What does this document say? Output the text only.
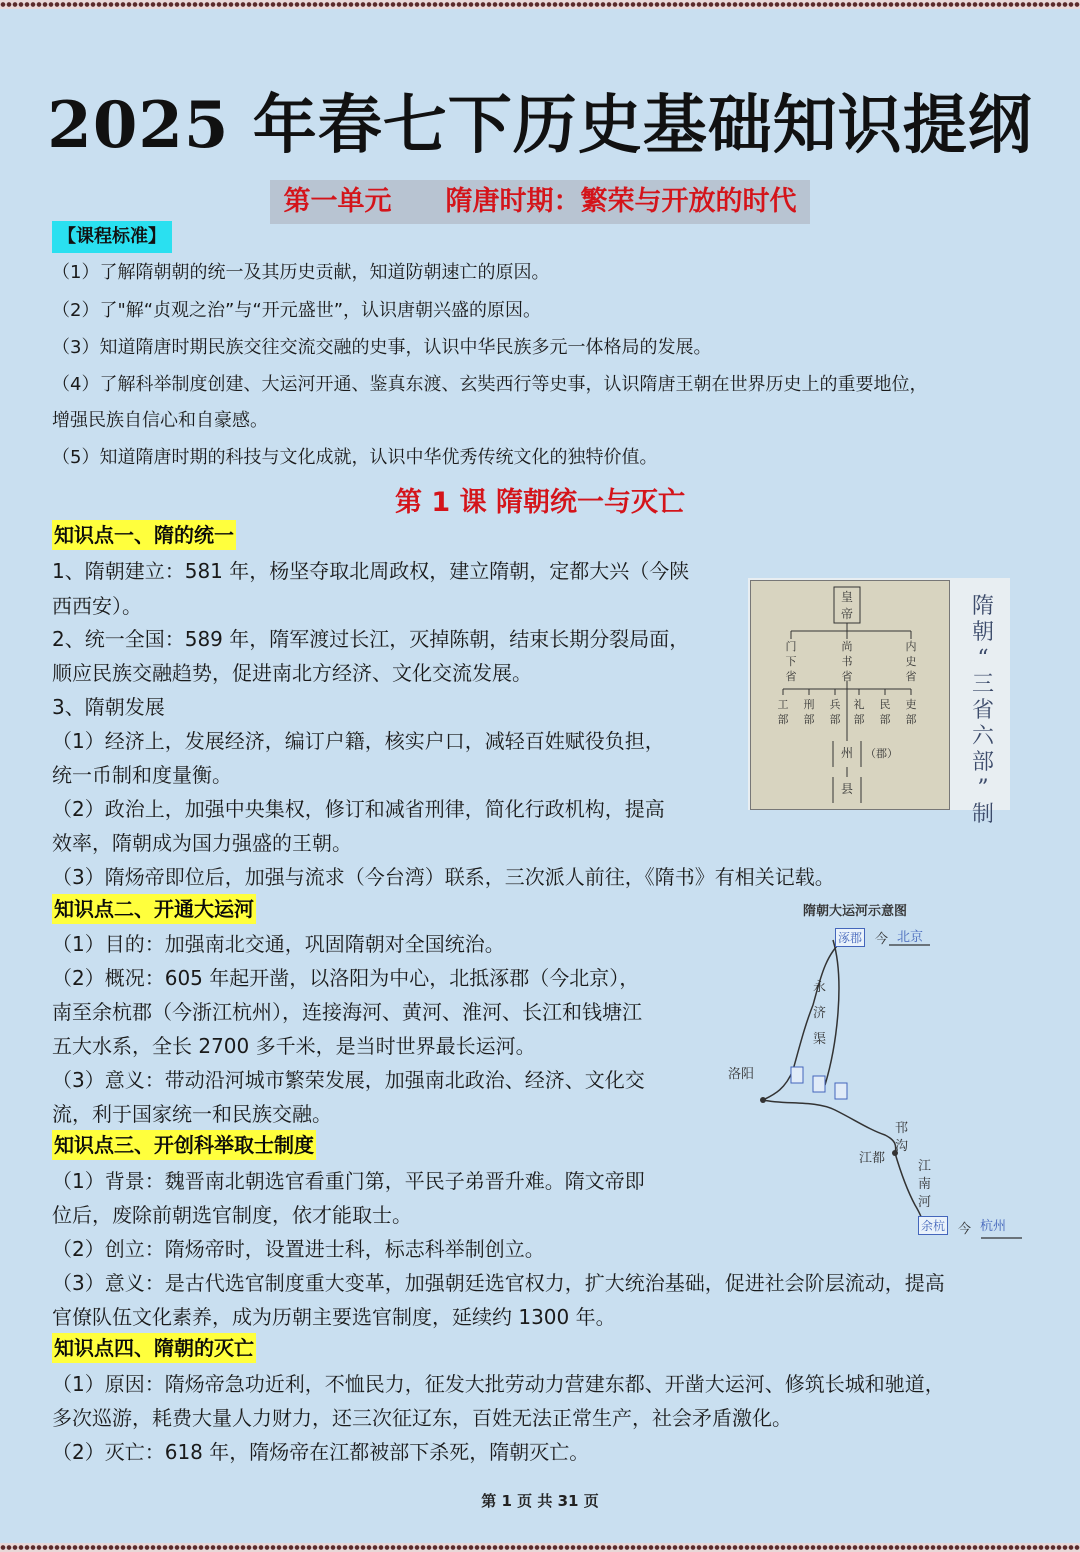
2025 年春七下历史基础知识提纲
第一单元　　隋唐时期：繁荣与开放的时代
【课程标准】
（1）了解隋朝朝的统一及其历史贡献，知道防朝速亡的原因。
（2）了"解“贞观之治”与“开元盛世”，认识唐朝兴盛的原因。
（3）知道隋唐时期民族交往交流交融的史事，认识中华民族多元一体格局的发展。
（4）了解科举制度创建、大运河开通、鉴真东渡、玄奘西行等史事，认识隋唐王朝在世界历史上的重要地位，
增强民族自信心和自豪感。
（5）知道隋唐时期的科技与文化成就，认识中华优秀传统文化的独特价值。
第 1 课 隋朝统一与灭亡
知识点一、隋的统一
1、隋朝建立：581 年，杨坚夺取北周政权，建立隋朝，定都大兴（今陕
西西安）。
2、统一全国：589 年，隋军渡过长江，灭掉陈朝，结束长期分裂局面，
顺应民族交融趋势，促进南北方经济、文化交流发展。
3、隋朝发展
（1）经济上，发展经济，编订户籍，核实户口，减轻百姓赋役负担，
统一币制和度量衡。
（2）政治上，加强中央集权，修订和减省刑律，简化行政机构，提高
效率，隋朝成为国力强盛的王朝。
（3）隋炀帝即位后，加强与流求（今台湾）联系，三次派人前往，《隋书》有相关记载。
知识点二、开通大运河
（1）目的：加强南北交通，巩固隋朝对全国统治。
（2）概况：605 年起开凿，以洛阳为中心，北抵涿郡（今北京），
南至余杭郡（今浙江杭州），连接海河、黄河、淮河、长江和钱塘江
五大水系，全长 2700 多千米，是当时世界最长运河。
（3）意义：带动沿河城市繁荣发展，加强南北政治、经济、文化交
流，利于国家统一和民族交融。
知识点三、开创科举取士制度
（1）背景：魏晋南北朝选官看重门第，平民子弟晋升难。隋文帝即
位后，废除前朝选官制度，依才能取士。
（2）创立：隋炀帝时，设置进士科，标志科举制创立。
（3）意义：是古代选官制度重大变革，加强朝廷选官权力，扩大统治基础，促进社会阶层流动，提高
官僚队伍文化素养，成为历朝主要选官制度，延续约 1300 年。
知识点四、隋朝的灭亡
（1）原因：隋炀帝急功近利，不恤民力，征发大批劳动力营建东都、开凿大运河、修筑长城和驰道，
多次巡游，耗费大量人力财力，还三次征辽东，百姓无法正常生产，社会矛盾激化。
（2）灭亡：618 年，隋炀帝在江都被部下杀死，隋朝灭亡。
皇帝
门下省
尚书省
内史省
工部
刑部
兵部
礼部
民部
吏部
州 （郡）
县
隋
朝
“
三
省
六
部
”
制
隋朝大运河示意图
涿郡 今 北京
永
济
渠
洛阳
邗
沟
江都
江
南
河
余杭 今 杭州
第 1 页 共 31 页
